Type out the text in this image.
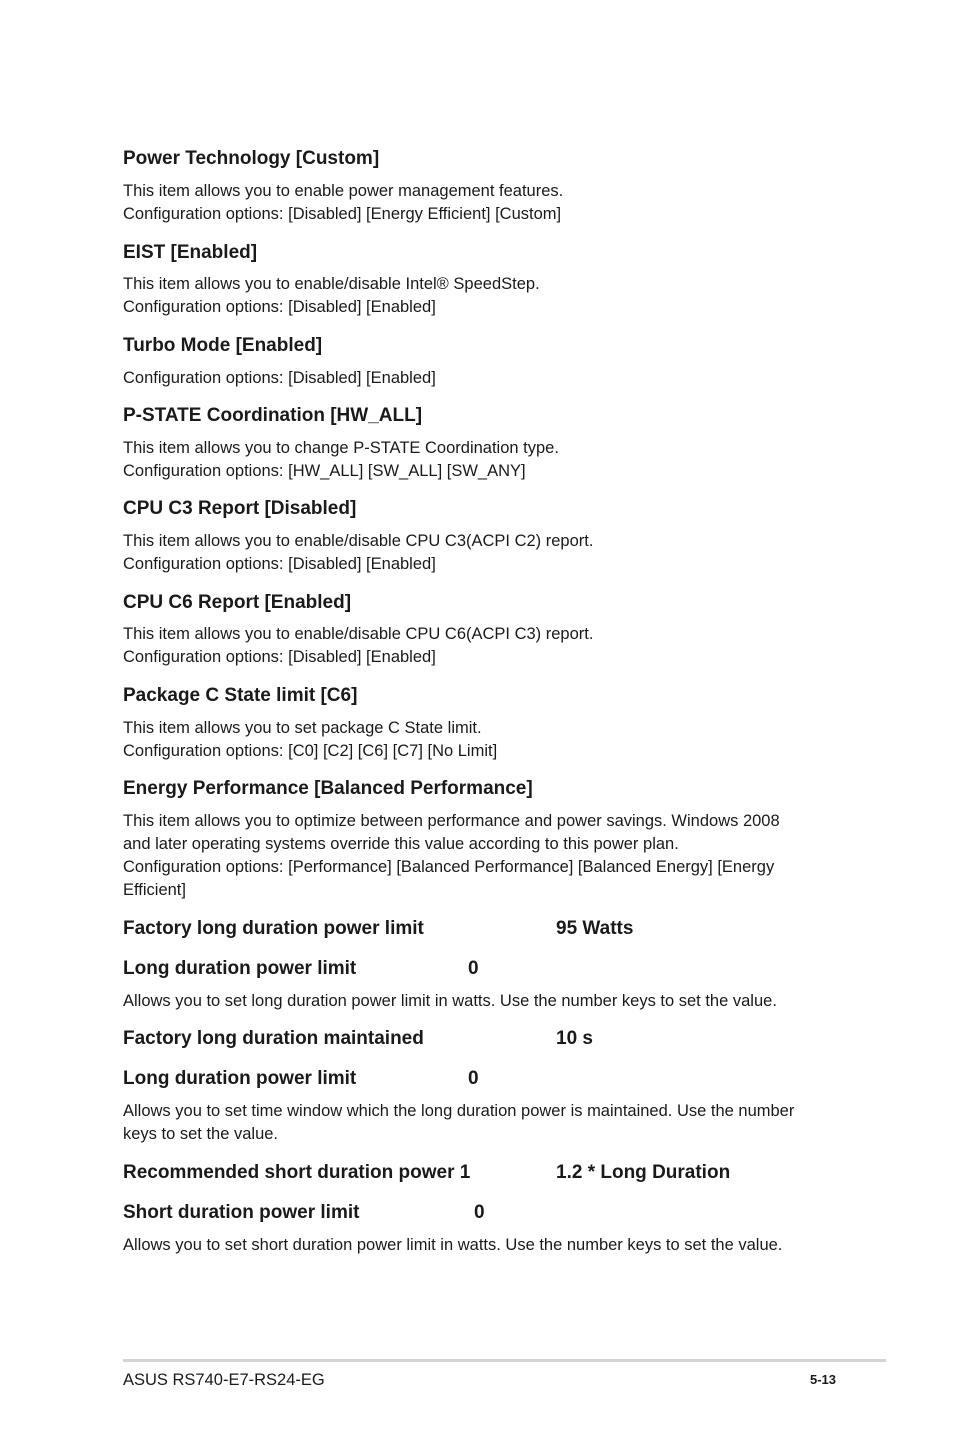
Power Technology [Custom]
This item allows you to enable power management features.
Configuration options: [Disabled] [Energy Efficient] [Custom]
EIST [Enabled]
This item allows you to enable/disable Intel® SpeedStep.
Configuration options: [Disabled] [Enabled]
Turbo Mode [Enabled]
Configuration options: [Disabled] [Enabled]
P-STATE Coordination [HW_ALL]
This item allows you to change P-STATE Coordination type.
Configuration options: [HW_ALL] [SW_ALL] [SW_ANY]
CPU C3 Report [Disabled]
This item allows you to enable/disable CPU C3(ACPI C2) report.
Configuration options: [Disabled] [Enabled]
CPU C6 Report [Enabled]
This item allows you to enable/disable CPU C6(ACPI C3) report.
Configuration options: [Disabled] [Enabled]
Package C State limit [C6]
This item allows you to set package C State limit.
Configuration options: [C0] [C2] [C6] [C7] [No Limit]
Energy Performance [Balanced Performance]
This item allows you to optimize between performance and power savings. Windows 2008
and later operating systems override this value according to this power plan.
Configuration options: [Performance] [Balanced Performance] [Balanced Energy] [Energy
Efficient]
Factory long duration power limit	95 Watts
Long duration power limit	0
Allows you to set long duration power limit in watts. Use the number keys to set the value.
Factory long duration maintained	10 s
Long duration power limit	0
Allows you to set time window which the long duration power is maintained. Use the number
keys to set the value.
Recommended short duration power 1	1.2 * Long Duration
Short duration power limit	0
Allows you to set short duration power limit in watts. Use the number keys to set the value.
ASUS RS740-E7-RS24-EG	5-13
